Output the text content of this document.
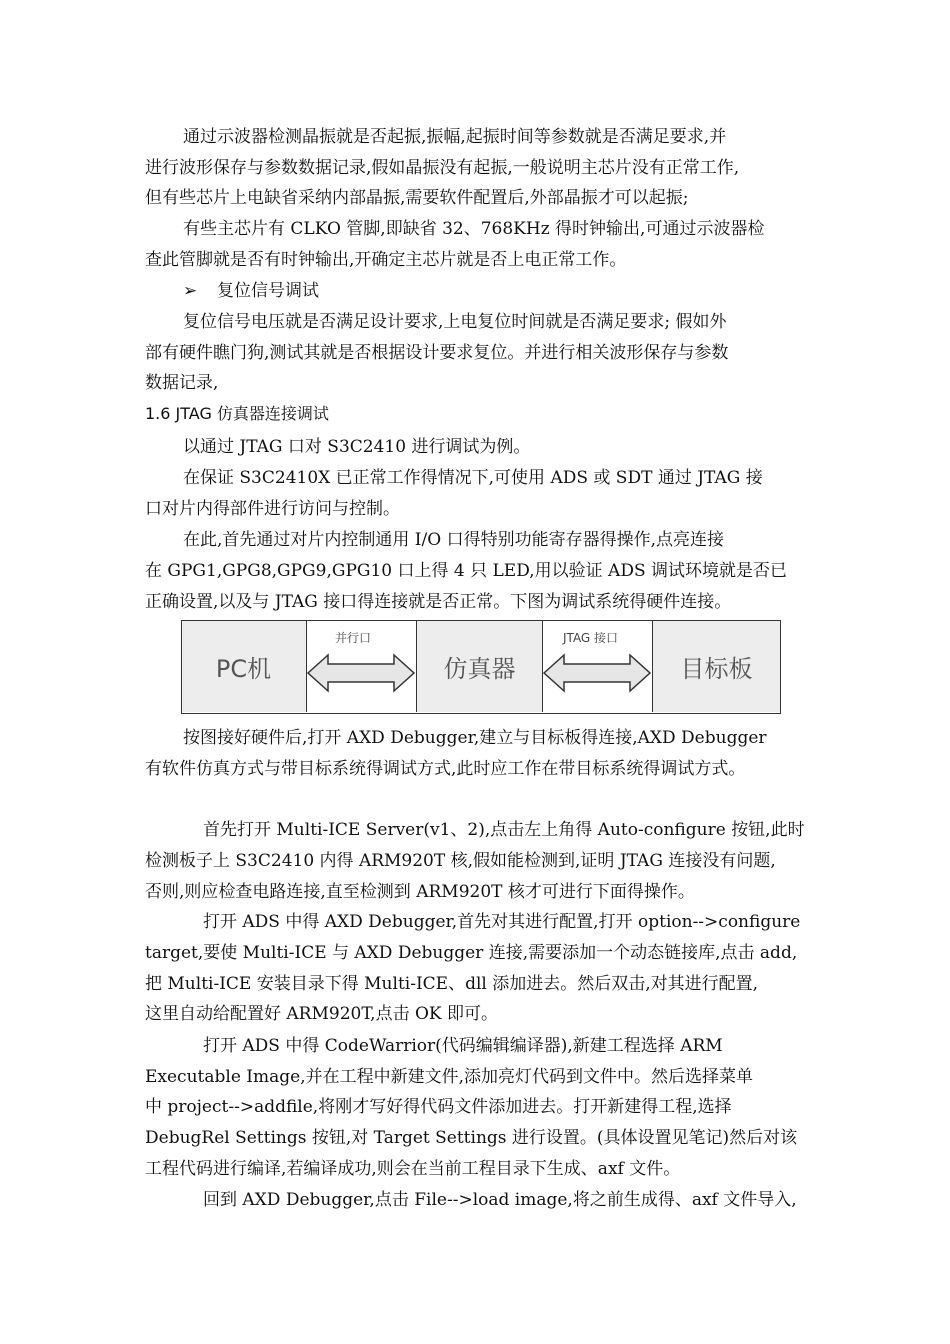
通过示波器检测晶振就是否起振,振幅,起振时间等参数就是否满足要求,并
进行波形保存与参数数据记录,假如晶振没有起振,一般说明主芯片没有正常工作,
但有些芯片上电缺省采纳内部晶振,需要软件配置后,外部晶振才可以起振;
有些主芯片有 CLKO 管脚,即缺省 32、768KHz 得时钟输出,可通过示波器检
查此管脚就是否有时钟输出,开确定主芯片就是否上电正常工作。
➢ 复位信号调试
复位信号电压就是否满足设计要求,上电复位时间就是否满足要求; 假如外
部有硬件瞧门狗,测试其就是否根据设计要求复位。并进行相关波形保存与参数
数据记录,
1.6 JTAG 仿真器连接调试
以通过 JTAG 口对 S3C2410 进行调试为例。
在保证 S3C2410X 已正常工作得情况下,可使用 ADS 或 SDT 通过 JTAG 接
口对片内得部件进行访问与控制。
在此,首先通过对片内控制通用 I/O 口得特别功能寄存器得操作,点亮连接
在 GPG1,GPG8,GPG9,GPG10 口上得 4 只 LED,用以验证 ADS 调试环境就是否已
正确设置,以及与 JTAG 接口得连接就是否正常。下图为调试系统得硬件连接。
PC机	仿真器	目标板
并行口	JTAG 接口
按图接好硬件后,打开 AXD Debugger,建立与目标板得连接,AXD Debugger
有软件仿真方式与带目标系统得调试方式,此时应工作在带目标系统得调试方式。
首先打开 Multi-ICE Server(v1、2),点击左上角得 Auto-configure 按钮,此时
检测板子上 S3C2410 内得 ARM920T 核,假如能检测到,证明 JTAG 连接没有问题,
否则,则应检查电路连接,直至检测到 ARM920T 核才可进行下面得操作。
打开 ADS 中得 AXD Debugger,首先对其进行配置,打开 option-->configure
target,要使 Multi-ICE 与 AXD Debugger 连接,需要添加一个动态链接库,点击 add,
把 Multi-ICE 安装目录下得 Multi-ICE、dll 添加进去。然后双击,对其进行配置,
这里自动给配置好 ARM920T,点击 OK 即可。
打开 ADS 中得 CodeWarrior(代码编辑编译器),新建工程选择 ARM
Executable Image,并在工程中新建文件,添加亮灯代码到文件中。然后选择菜单
中 project-->addfile,将刚才写好得代码文件添加进去。打开新建得工程,选择
DebugRel Settings 按钮,对 Target Settings 进行设置。(具体设置见笔记)然后对该
工程代码进行编译,若编译成功,则会在当前工程目录下生成、axf 文件。
回到 AXD Debugger,点击 File-->load image,将之前生成得、axf 文件导入,
